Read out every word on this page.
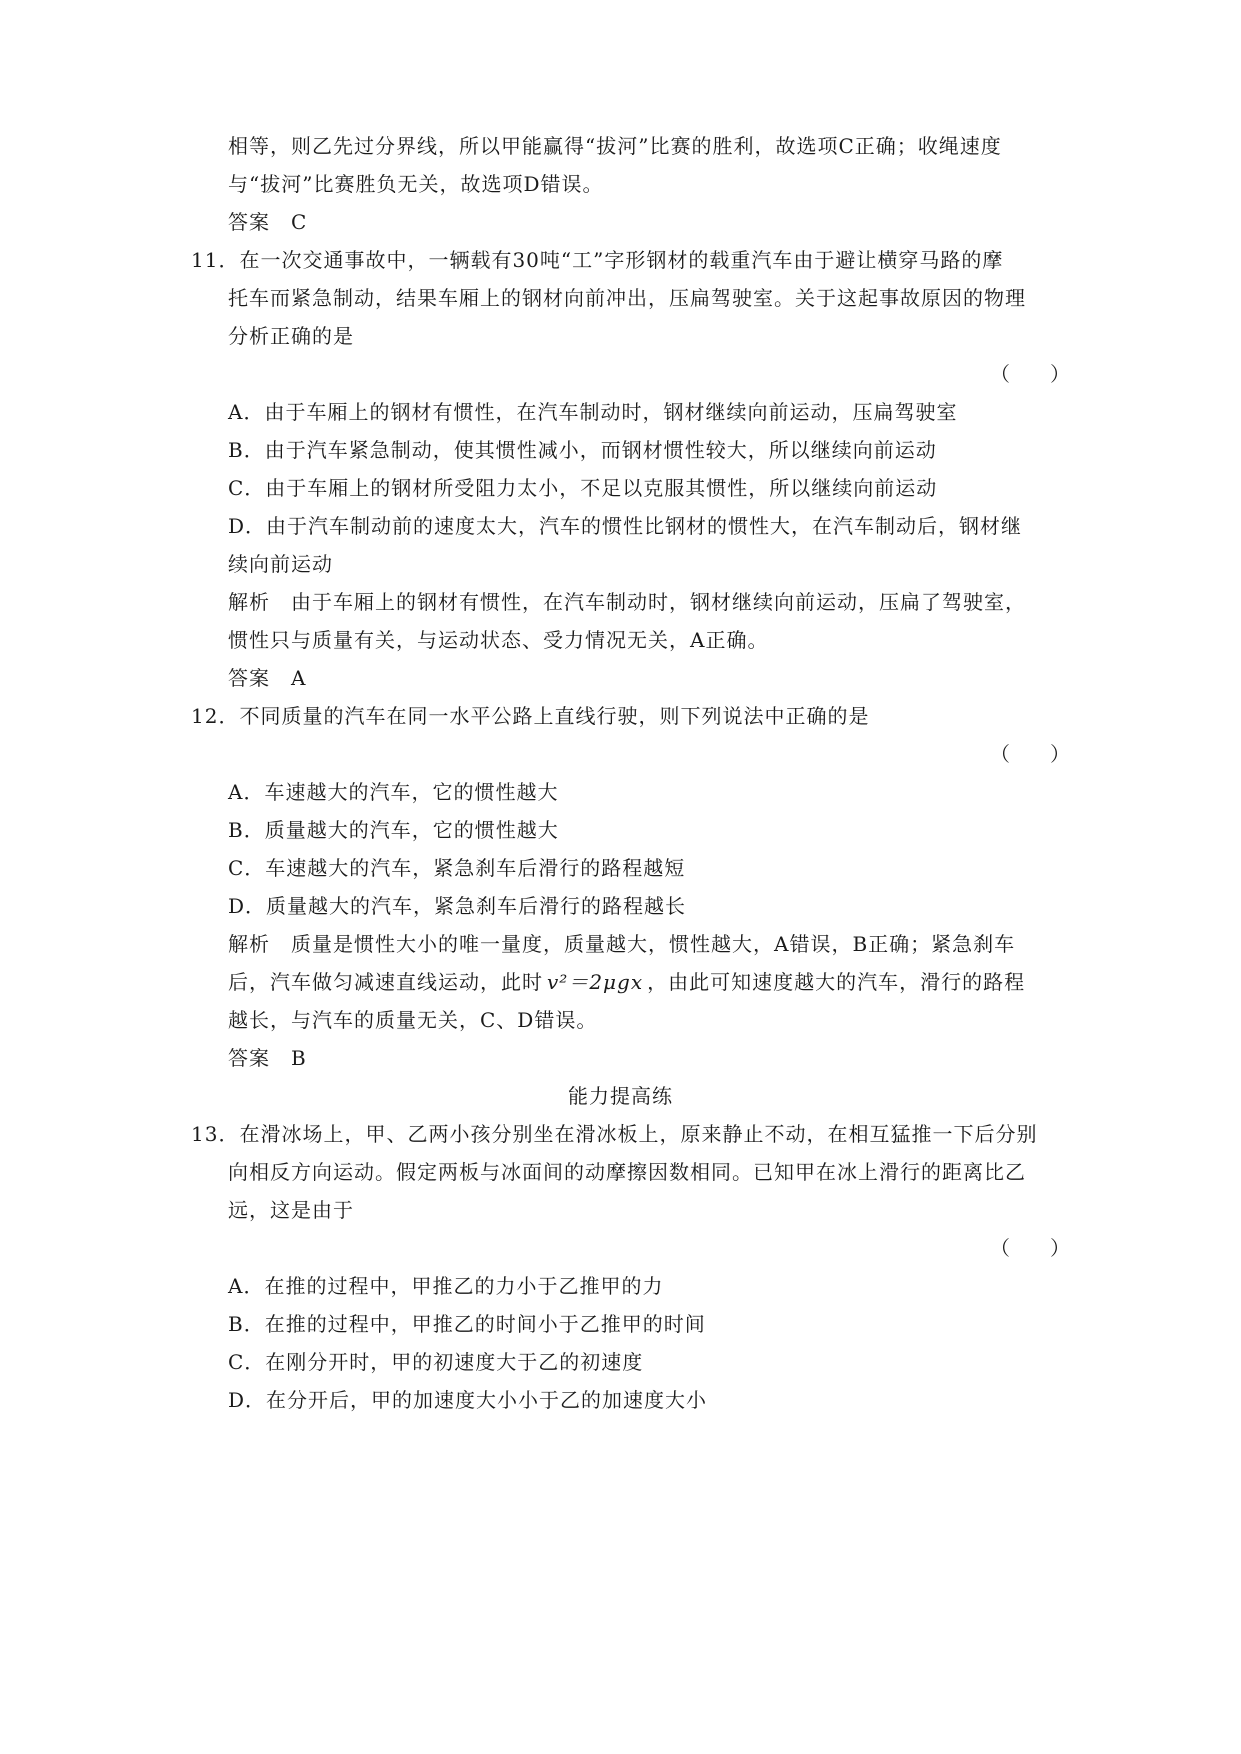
相等，则乙先过分界线，所以甲能赢得“拔河”比赛的胜利，故选项C正确；收绳速度
与“拔河”比赛胜负无关，故选项D错误。
答案　C
11．在一次交通事故中，一辆载有30吨“工”字形钢材的载重汽车由于避让横穿马路的摩
托车而紧急制动，结果车厢上的钢材向前冲出，压扁驾驶室。关于这起事故原因的物理
分析正确的是
（　　）
A．由于车厢上的钢材有惯性，在汽车制动时，钢材继续向前运动，压扁驾驶室
B．由于汽车紧急制动，使其惯性减小，而钢材惯性较大，所以继续向前运动
C．由于车厢上的钢材所受阻力太小，不足以克服其惯性，所以继续向前运动
D．由于汽车制动前的速度太大，汽车的惯性比钢材的惯性大，在汽车制动后，钢材继
续向前运动
解析　由于车厢上的钢材有惯性，在汽车制动时，钢材继续向前运动，压扁了驾驶室，
惯性只与质量有关，与运动状态、受力情况无关，A正确。
答案　A
12．不同质量的汽车在同一水平公路上直线行驶，则下列说法中正确的是
（　　）
A．车速越大的汽车，它的惯性越大
B．质量越大的汽车，它的惯性越大
C．车速越大的汽车，紧急刹车后滑行的路程越短
D．质量越大的汽车，紧急刹车后滑行的路程越长
解析　质量是惯性大小的唯一量度，质量越大，惯性越大，A错误，B正确；紧急刹车
后，汽车做匀减速直线运动，此时 v²＝2μgx ，由此可知速度越大的汽车，滑行的路程
越长，与汽车的质量无关，C、D错误。
答案　B
能力提高练
13．在滑冰场上，甲、乙两小孩分别坐在滑冰板上，原来静止不动，在相互猛推一下后分别
向相反方向运动。假定两板与冰面间的动摩擦因数相同。已知甲在冰上滑行的距离比乙
远，这是由于
（　　）
A．在推的过程中，甲推乙的力小于乙推甲的力
B．在推的过程中，甲推乙的时间小于乙推甲的时间
C．在刚分开时，甲的初速度大于乙的初速度
D．在分开后，甲的加速度大小小于乙的加速度大小
